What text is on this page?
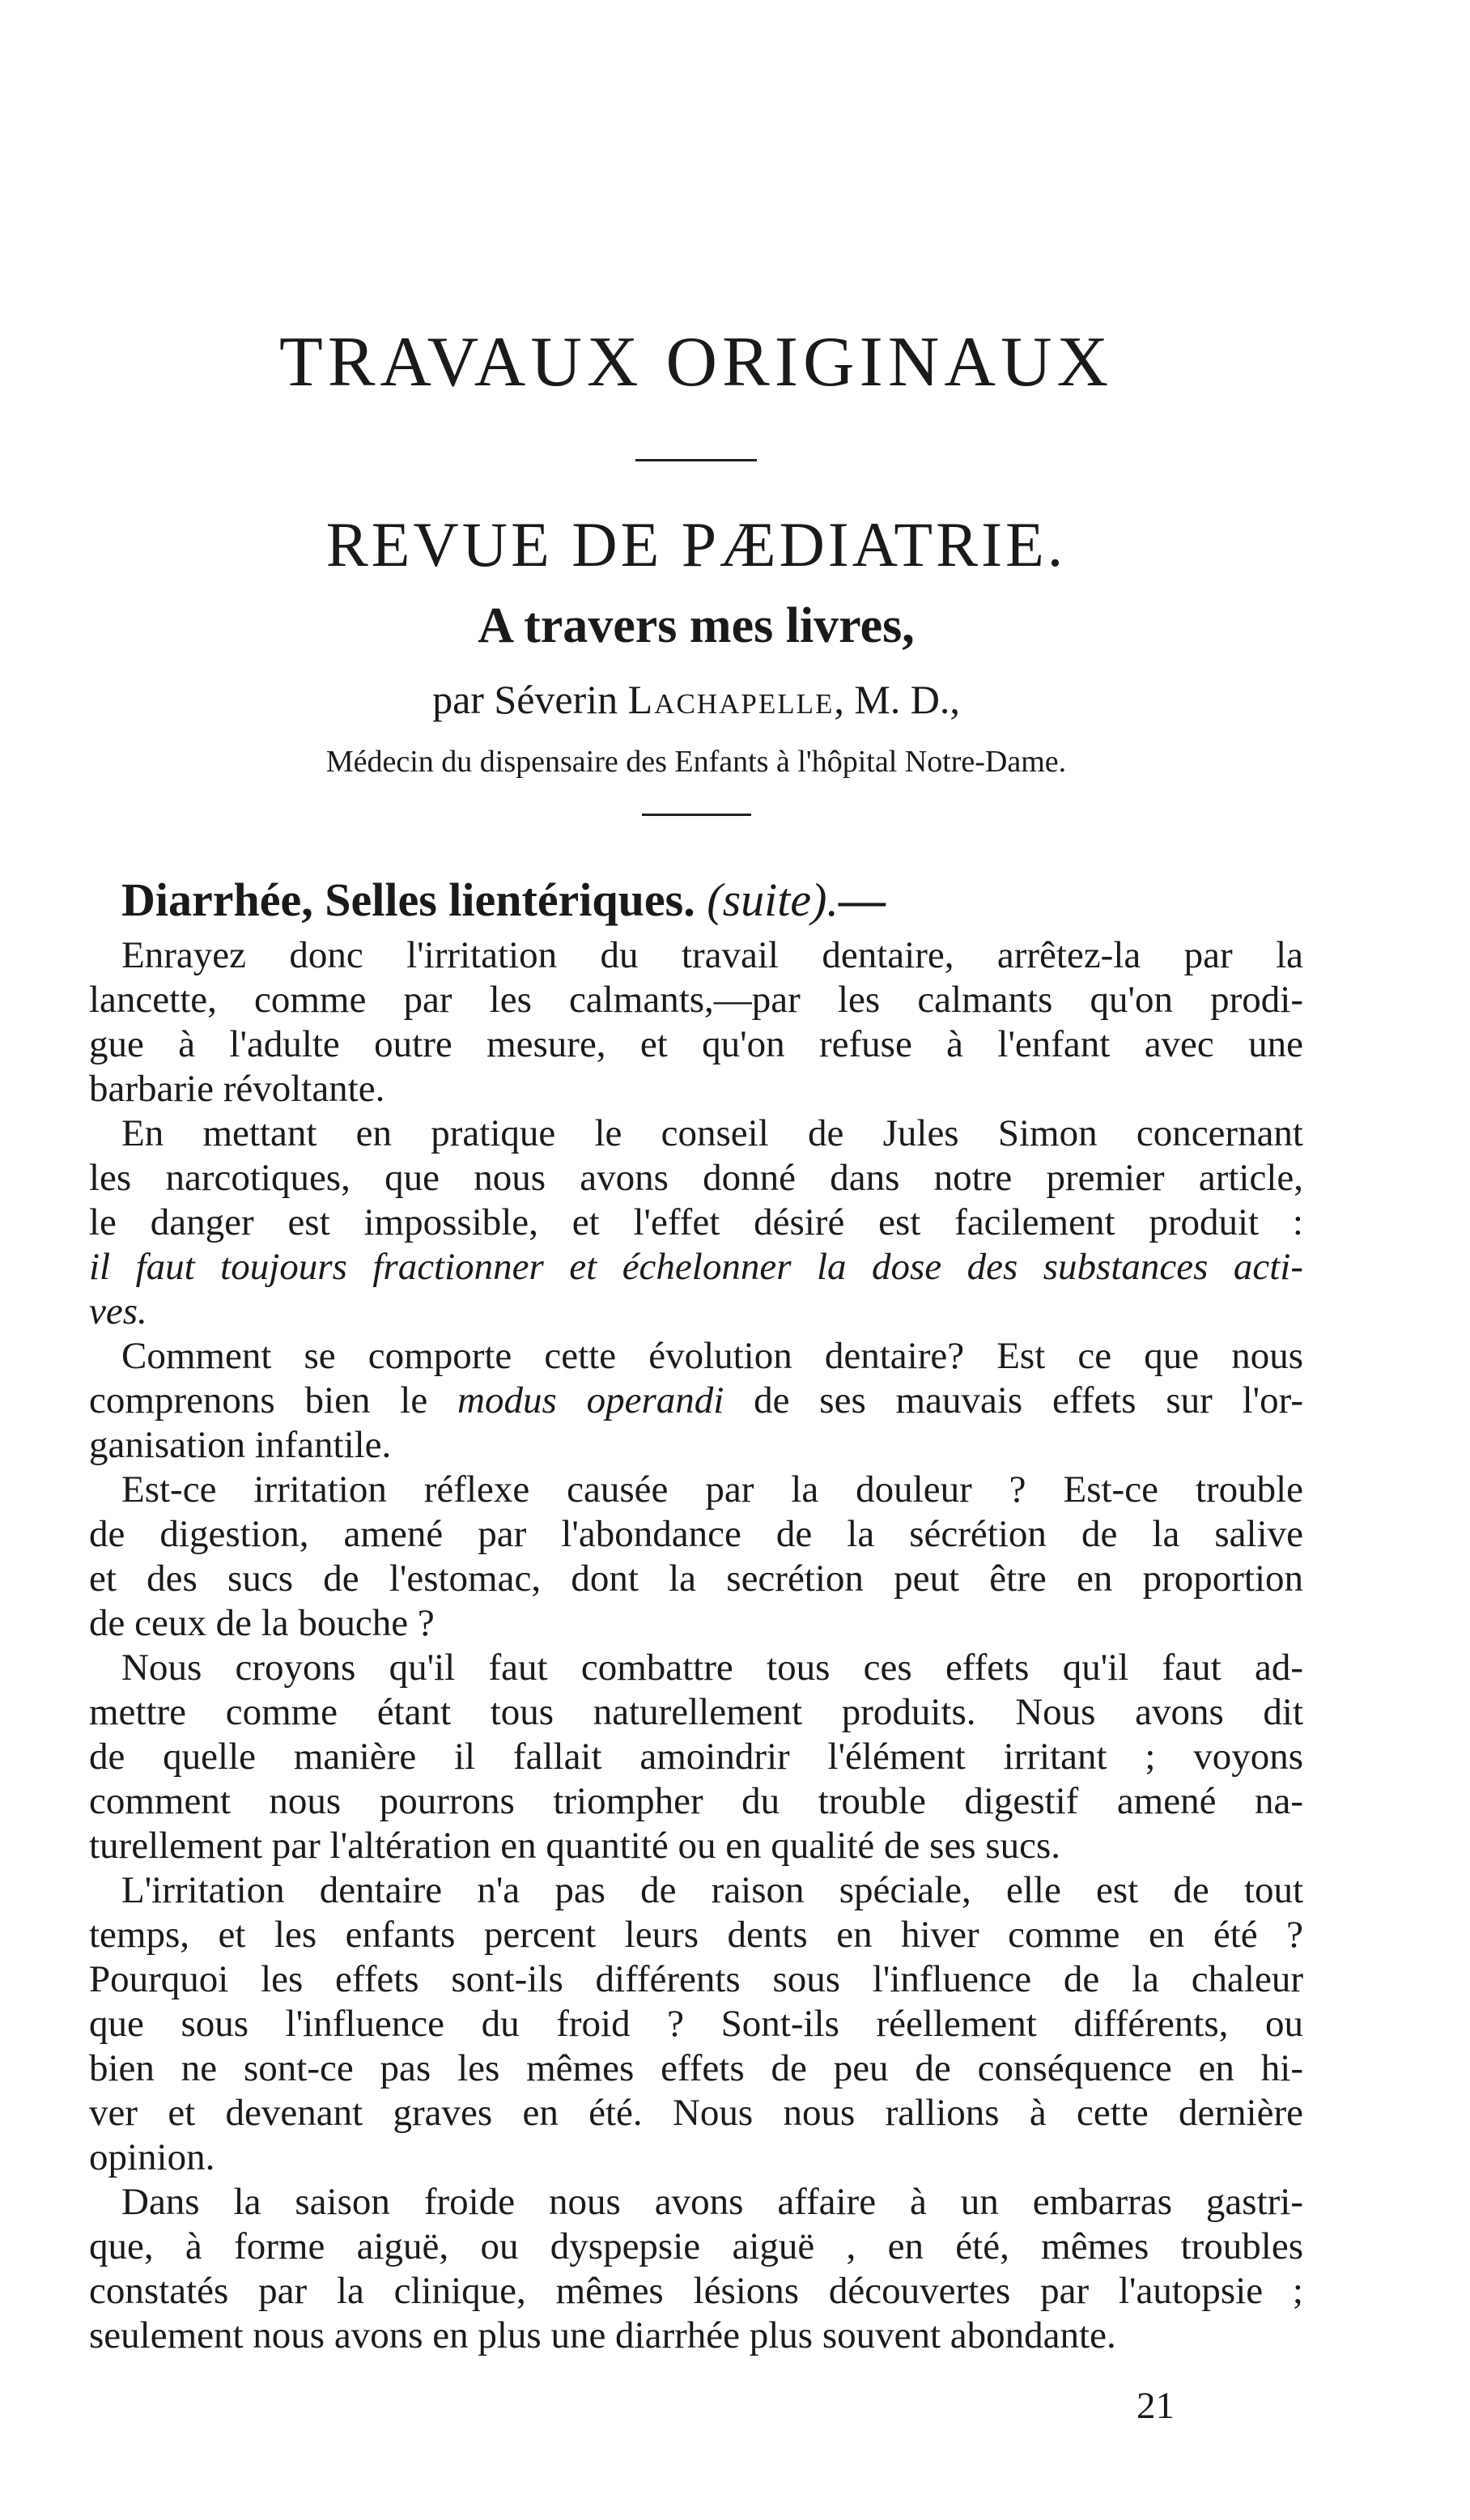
TRAVAUX ORIGINAUX
REVUE DE PÆDIATRIE.
A travers mes livres,
par Séverin Lachapelle, M. D.,
Médecin du dispensaire des Enfants à l'hôpital Notre-Dame.
Diarrhée, Selles lientériques. (suite).—

Enrayez donc l'irritation du travail dentaire, arrêtez-la par la
lancette, comme par les calmants,—par les calmants qu'on prodi-
gue à l'adulte outre mesure, et qu'on refuse à l'enfant avec une
barbarie révoltante.

En mettant en pratique le conseil de Jules Simon concernant
les narcotiques, que nous avons donné dans notre premier article,
le danger est impossible, et l'effet désiré est facilement produit :
il faut toujours fractionner et échelonner la dose des substances acti-
ves.

Comment se comporte cette évolution dentaire? Est ce que nous
comprenons bien le modus operandi de ses mauvais effets sur l'or-
ganisation infantile.

Est-ce irritation réflexe causée par la douleur ? Est-ce trouble
de digestion, amené par l'abondance de la sécrétion de la salive
et des sucs de l'estomac, dont la secrétion peut être en proportion
de ceux de la bouche ?

Nous croyons qu'il faut combattre tous ces effets qu'il faut ad-
mettre comme étant tous naturellement produits. Nous avons dit
de quelle manière il fallait amoindrir l'élément irritant ; voyons
comment nous pourrons triompher du trouble digestif amené na-
turellement par l'altération en quantité ou en qualité de ses sucs.

L'irritation dentaire n'a pas de raison spéciale, elle est de tout
temps, et les enfants percent leurs dents en hiver comme en été ?
Pourquoi les effets sont-ils différents sous l'influence de la chaleur
que sous l'influence du froid ? Sont-ils réellement différents, ou
bien ne sont-ce pas les mêmes effets de peu de conséquence en hi-
ver et devenant graves en été. Nous nous rallions à cette dernière
opinion.

Dans la saison froide nous avons affaire à un embarras gastri-
que, à forme aiguë, ou dyspepsie aiguë , en été, mêmes troubles
constatés par la clinique, mêmes lésions découvertes par l'autopsie ;
seulement nous avons en plus une diarrhée plus souvent abondante.

21
